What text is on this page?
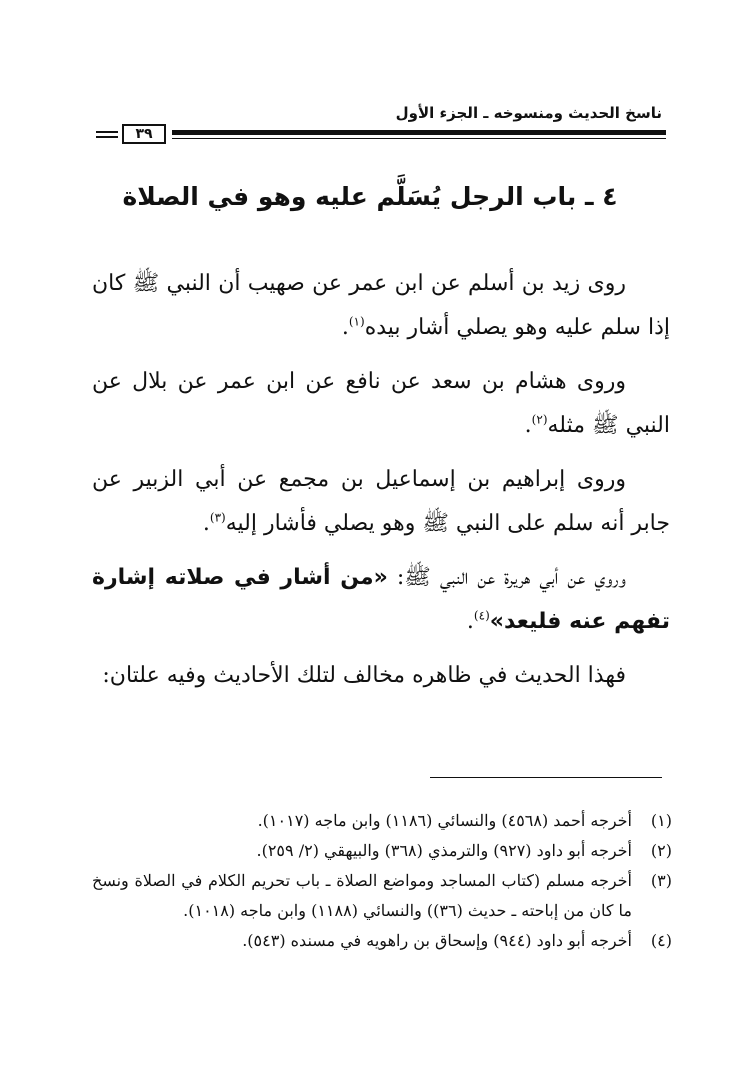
ناسخ الحديث ومنسوخه ـ الجزء الأول
٣٩
٤ ـ باب الرجل يُسَلَّم عليه وهو في الصلاة

روى زيد بن أسلم عن ابن عمر عن صهيب أن النبي ﷺ كان إذا سلم عليه وهو يصلي أشار بيده$^{(١)}$.

وروى هشام بن سعد عن نافع عن ابن عمر عن بلال عن النبي ﷺ مثله$^{(٢)}$.

وروى إبراهيم بن إسماعيل بن مجمع عن أبي الزبير عن جابر أنه سلم على النبي ﷺ وهو يصلي فأشار إليه$^{(٣)}$.

وروي عن أبي هريرة عن النبي ﷺ: «من أشار في صلاته إشارة تفهم عنه فليعد»$^{(٤)}$.

فهذا الحديث في ظاهره مخالف لتلك الأحاديث وفيه علتان:

(١)
أخرجه أحمد (٤٥٦٨) والنسائي (١١٨٦) وابن ماجه (١٠١٧).
(٢)
أخرجه أبو داود (٩٢٧) والترمذي (٣٦٨) والبيهقي (٢/ ٢٥٩).
(٣)
أخرجه مسلم (كتاب المساجد ومواضع الصلاة ـ باب تحريم الكلام في الصلاة ونسخ ما كان من إباحته ـ حديث (٣٦)) والنسائي (١١٨٨) وابن ماجه (١٠١٨).
(٤)
أخرجه أبو داود (٩٤٤) وإسحاق بن راهويه في مسنده (٥٤٣).
